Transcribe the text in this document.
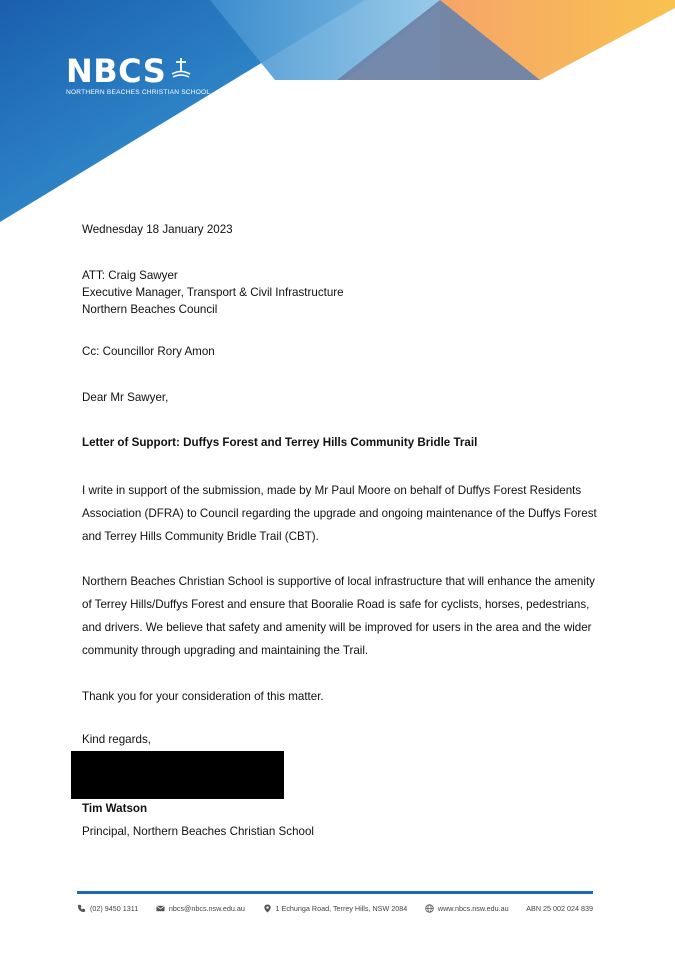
NBCS
NORTHERN BEACHES CHRISTIAN SCHOOL
Wednesday 18 January 2023
ATT: Craig Sawyer
Executive Manager, Transport & Civil Infrastructure
Northern Beaches Council
Cc: Councillor Rory Amon
Dear Mr Sawyer,
Letter of Support: Duffys Forest and Terrey Hills Community Bridle Trail
I write in support of the submission, made by Mr Paul Moore on behalf of Duffys Forest Residents Association (DFRA) to Council regarding the upgrade and ongoing maintenance of the Duffys Forest and Terrey Hills Community Bridle Trail (CBT).
Northern Beaches Christian School is supportive of local infrastructure that will enhance the amenity of Terrey Hills/Duffys Forest and ensure that Booralie Road is safe for cyclists, horses, pedestrians, and drivers. We believe that safety and amenity will be improved for users in the area and the wider community through upgrading and maintaining the Trail.
Thank you for your consideration of this matter.
Kind regards,
Tim Watson
Principal, Northern Beaches Christian School
(02) 9450 1311	nbcs@nbcs.nsw.edu.au	1 Echunga Road, Terrey Hills, NSW 2084	www.nbcs.nsw.edu.au ABN 25 002 024 839
